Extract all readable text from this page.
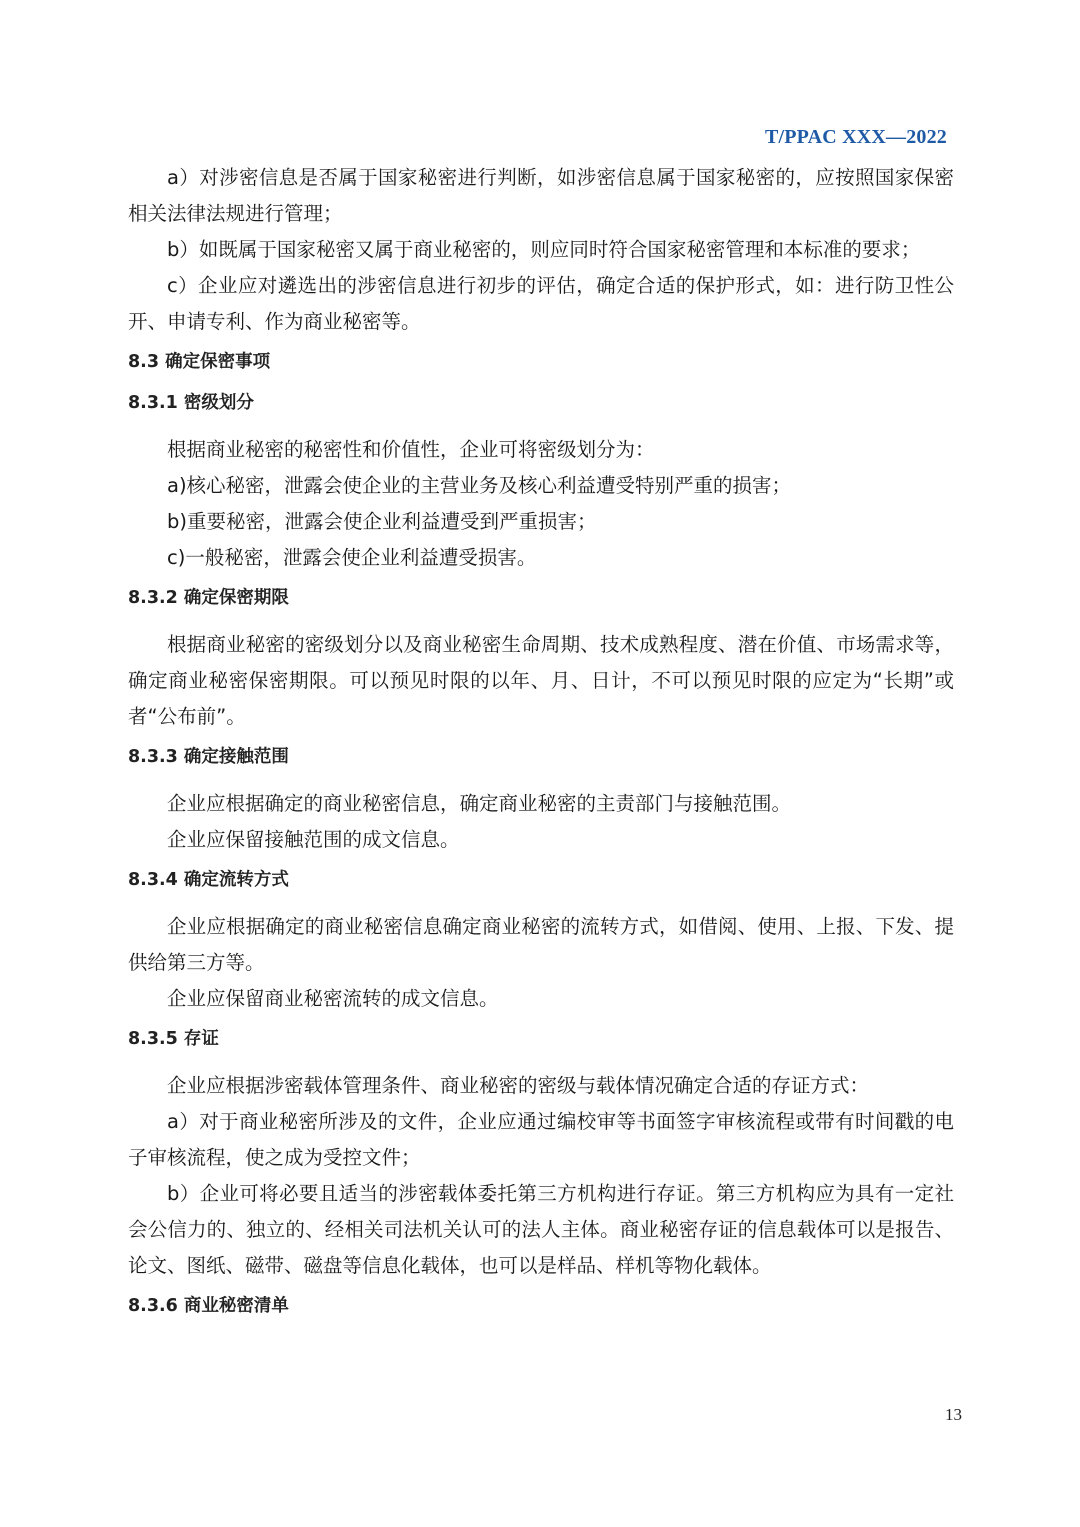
T/PPAC XXX—2022

a）对涉密信息是否属于国家秘密进行判断，如涉密信息属于国家秘密的，应按照国家保密相关法律法规进行管理；

b）如既属于国家秘密又属于商业秘密的，则应同时符合国家秘密管理和本标准的要求；

c）企业应对遴选出的涉密信息进行初步的评估，确定合适的保护形式，如：进行防卫性公开、申请专利、作为商业秘密等。

8.3 确定保密事项

8.3.1 密级划分

根据商业秘密的秘密性和价值性，企业可将密级划分为：

a)核心秘密，泄露会使企业的主营业务及核心利益遭受特别严重的损害；

b)重要秘密，泄露会使企业利益遭受到严重损害；

c)一般秘密，泄露会使企业利益遭受损害。

8.3.2 确定保密期限

根据商业秘密的密级划分以及商业秘密生命周期、技术成熟程度、潜在价值、市场需求等，确定商业秘密保密期限。可以预见时限的以年、月、日计，不可以预见时限的应定为“长期”或者“公布前”。

8.3.3 确定接触范围

企业应根据确定的商业秘密信息，确定商业秘密的主责部门与接触范围。

企业应保留接触范围的成文信息。

8.3.4 确定流转方式

企业应根据确定的商业秘密信息确定商业秘密的流转方式，如借阅、使用、上报、下发、提供给第三方等。

企业应保留商业秘密流转的成文信息。

8.3.5 存证

企业应根据涉密载体管理条件、商业秘密的密级与载体情况确定合适的存证方式：

a）对于商业秘密所涉及的文件，企业应通过编校审等书面签字审核流程或带有时间戳的电子审核流程，使之成为受控文件；

b）企业可将必要且适当的涉密载体委托第三方机构进行存证。第三方机构应为具有一定社会公信力的、独立的、经相关司法机关认可的法人主体。商业秘密存证的信息载体可以是报告、论文、图纸、磁带、磁盘等信息化载体，也可以是样品、样机等物化载体。

8.3.6 商业秘密清单

13
